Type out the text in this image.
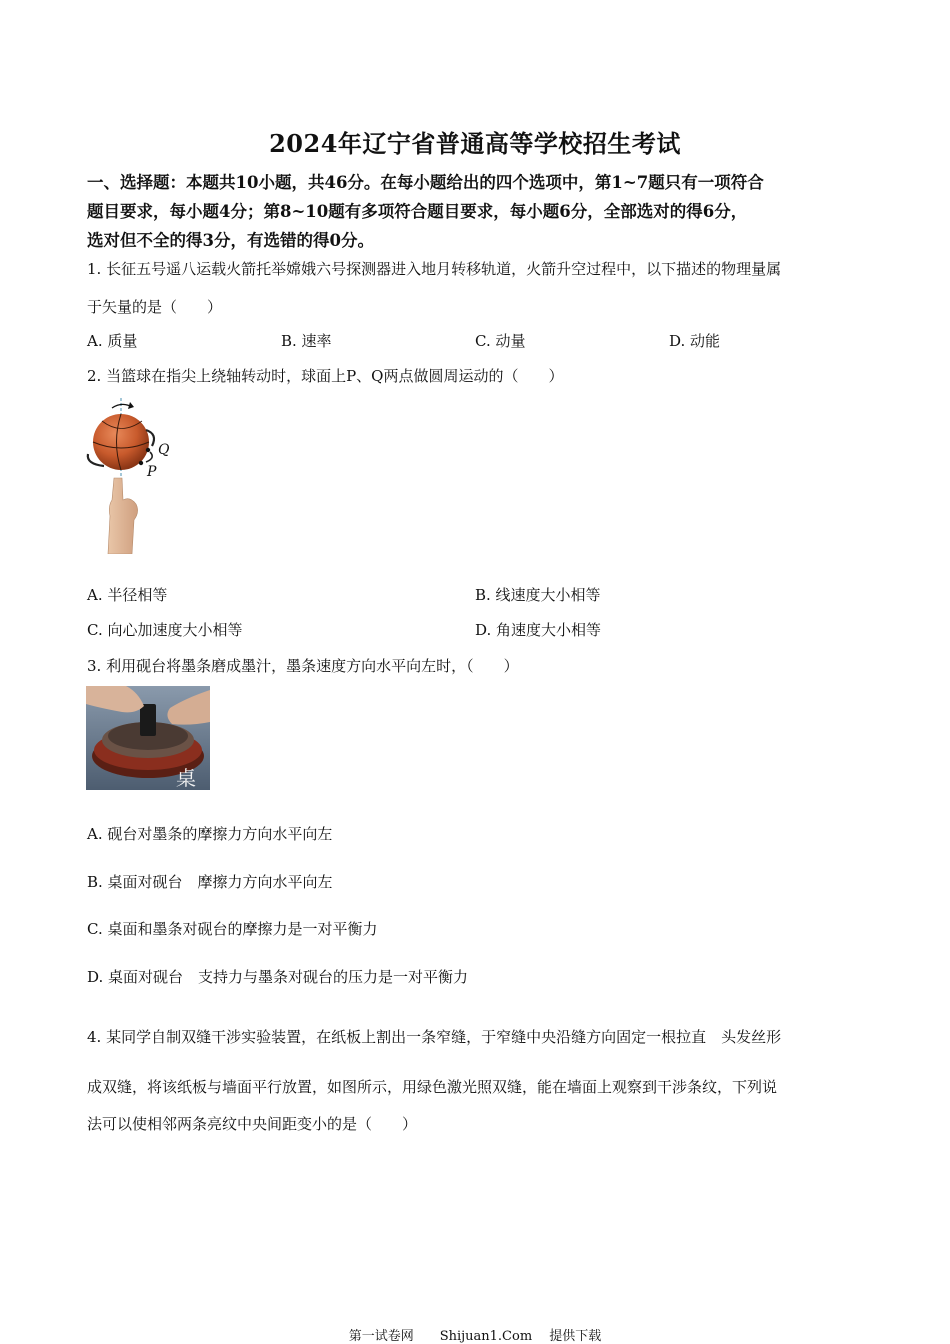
2024年辽宁省普通高等学校招生考试
一、选择题：本题共10小题，共46分。在每小题给出的四个选项中，第1~7题只有一项符合
题目要求，每小题4分；第8~10题有多项符合题目要求，每小题6分，全部选对的得6分，
选对但不全的得3分，有选错的得0分。
1. 长征五号遥八运载火箭托举嫦娥六号探测器进入地月转移轨道，火箭升空过程中，以下描述的物理量属
于矢量的是（　　）
A. 质量	B. 速率	C. 动量	D. 动能
2. 当篮球在指尖上绕轴转动时，球面上P、Q两点做圆周运动的（　　）
Q
P
A. 半径相等	B. 线速度大小相等
C. 向心加速度大小相等	D. 角速度大小相等
3. 利用砚台将墨条磨成墨汁，墨条速度方向水平向左时，（　　）
桌
A. 砚台对墨条的摩擦力方向水平向左
B. 桌面对砚台　摩擦力方向水平向左
C. 桌面和墨条对砚台的摩擦力是一对平衡力
D. 桌面对砚台　支持力与墨条对砚台的压力是一对平衡力
4. 某同学自制双缝干涉实验装置，在纸板上割出一条窄缝，于窄缝中央沿缝方向固定一根拉直　头发丝形
成双缝，将该纸板与墙面平行放置，如图所示，用绿色激光照双缝，能在墙面上观察到干涉条纹，下列说
法可以使相邻两条亮纹中央间距变小的是（　　）
第一试卷网　　Shijuan1.Com　 提供下载
